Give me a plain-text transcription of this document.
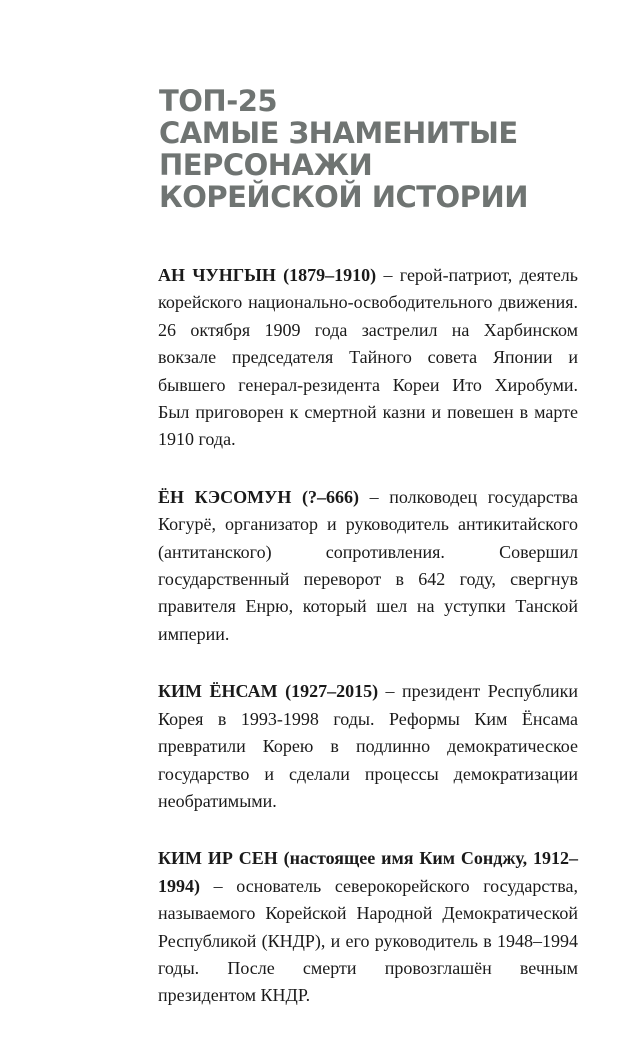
ТОП-25
САМЫЕ ЗНАМЕНИТЫЕ
ПЕРСОНАЖИ
КОРЕЙСКОЙ ИСТОРИИ

АН ЧУНГЫН (1879–1910) – герой-патриот, деятель корейского национально-освободительного движения. 26 октября 1909 года застрелил на Харбинском вокзале председателя Тайного совета Японии и бывшего генерал-резидента Кореи Ито Хиробуми. Был приговорен к смертной казни и повешен в марте 1910 года.

ЁН КЭСОМУН (?–666) – полководец государства Когурё, организатор и руководитель антикитайского (антитанского) сопротивления. Совершил государственный переворот в 642 году, свергнув правителя Енрю, который шел на уступки Танской империи.

КИМ ЁНСАМ (1927–2015) – президент Республики Корея в 1993-1998 годы. Реформы Ким Ёнсама превратили Корею в подлинно демократическое государство и сделали процессы демократизации необратимыми.

КИМ ИР СЕН (настоящее имя Ким Сонджу, 1912–1994) – основатель северокорейского государства, называемого Корейской Народной Демократической Республикой (КНДР), и его руководитель в 1948–1994 годы. После смерти провозглашён вечным президентом КНДР.
